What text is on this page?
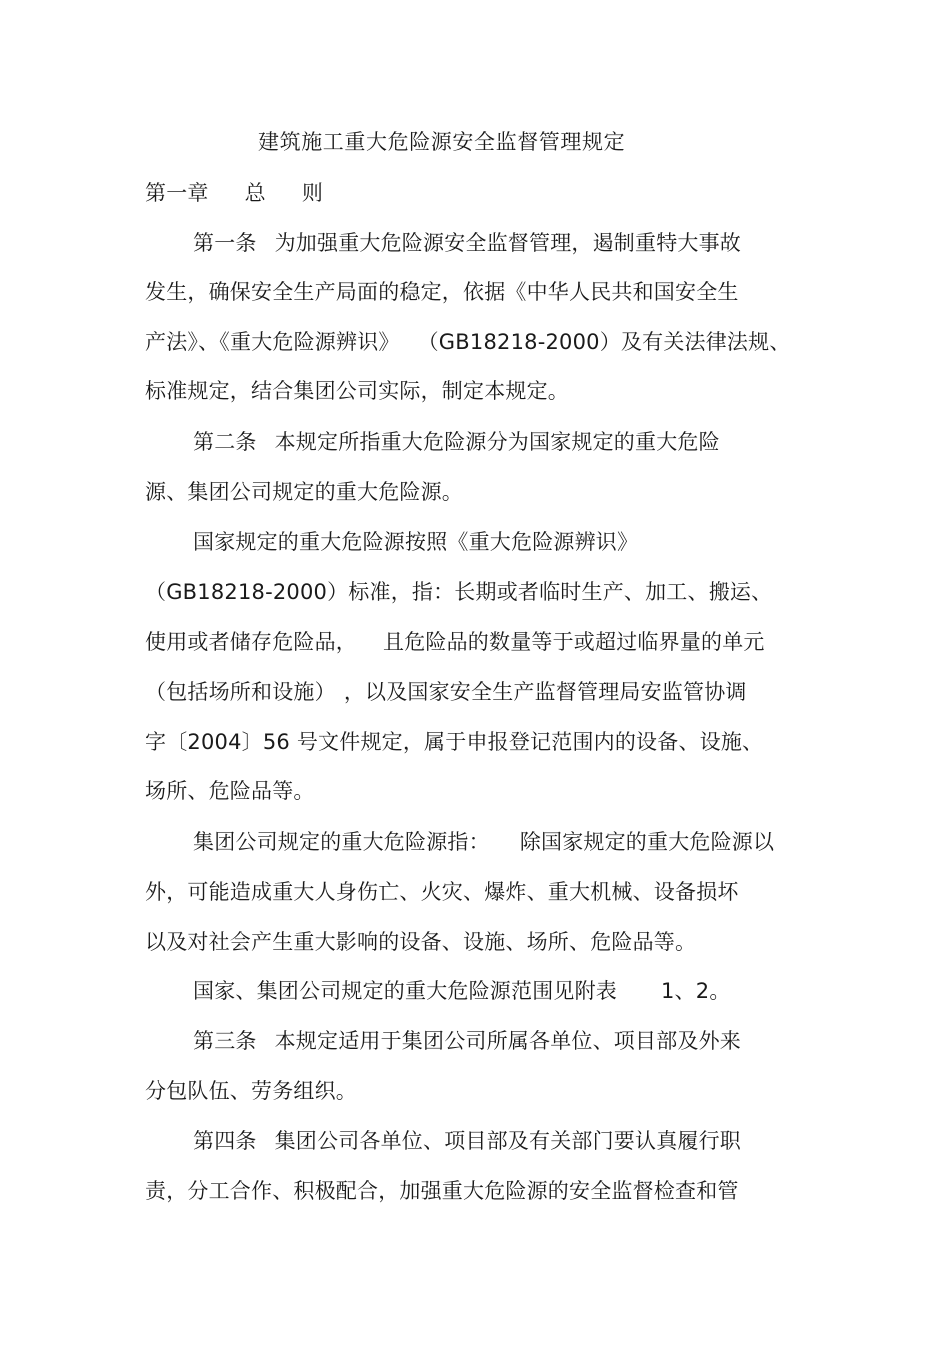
建筑施工重大危险源安全监督管理规定
第一章 总 则
第一条 为加强重大危险源安全监督管理，遏制重特大事故
发生，确保安全生产局面的稳定，依据《中华人民共和国安全生
产法》、《重大危险源辨识》 （GB18218-2000）及有关法律法规、
标准规定，结合集团公司实际，制定本规定。
第二条 本规定所指重大危险源分为国家规定的重大危险
源、集团公司规定的重大危险源。
国家规定的重大危险源按照《重大危险源辨识》
（GB18218-2000）标准，指：长期或者临时生产、加工、搬运、
使用或者储存危险品， 且危险品的数量等于或超过临界量的单元
（包括场所和设施） ，以及国家安全生产监督管理局安监管协调
字〔2004〕56 号文件规定，属于申报登记范围内的设备、设施、
场所、危险品等。
集团公司规定的重大危险源指： 除国家规定的重大危险源以
外，可能造成重大人身伤亡、火灾、爆炸、重大机械、设备损坏
以及对社会产生重大影响的设备、设施、场所、危险品等。
国家、集团公司规定的重大危险源范围见附表 1、2。
第三条 本规定适用于集团公司所属各单位、项目部及外来
分包队伍、劳务组织。
第四条 集团公司各单位、项目部及有关部门要认真履行职
责，分工合作、积极配合，加强重大危险源的安全监督检查和管
